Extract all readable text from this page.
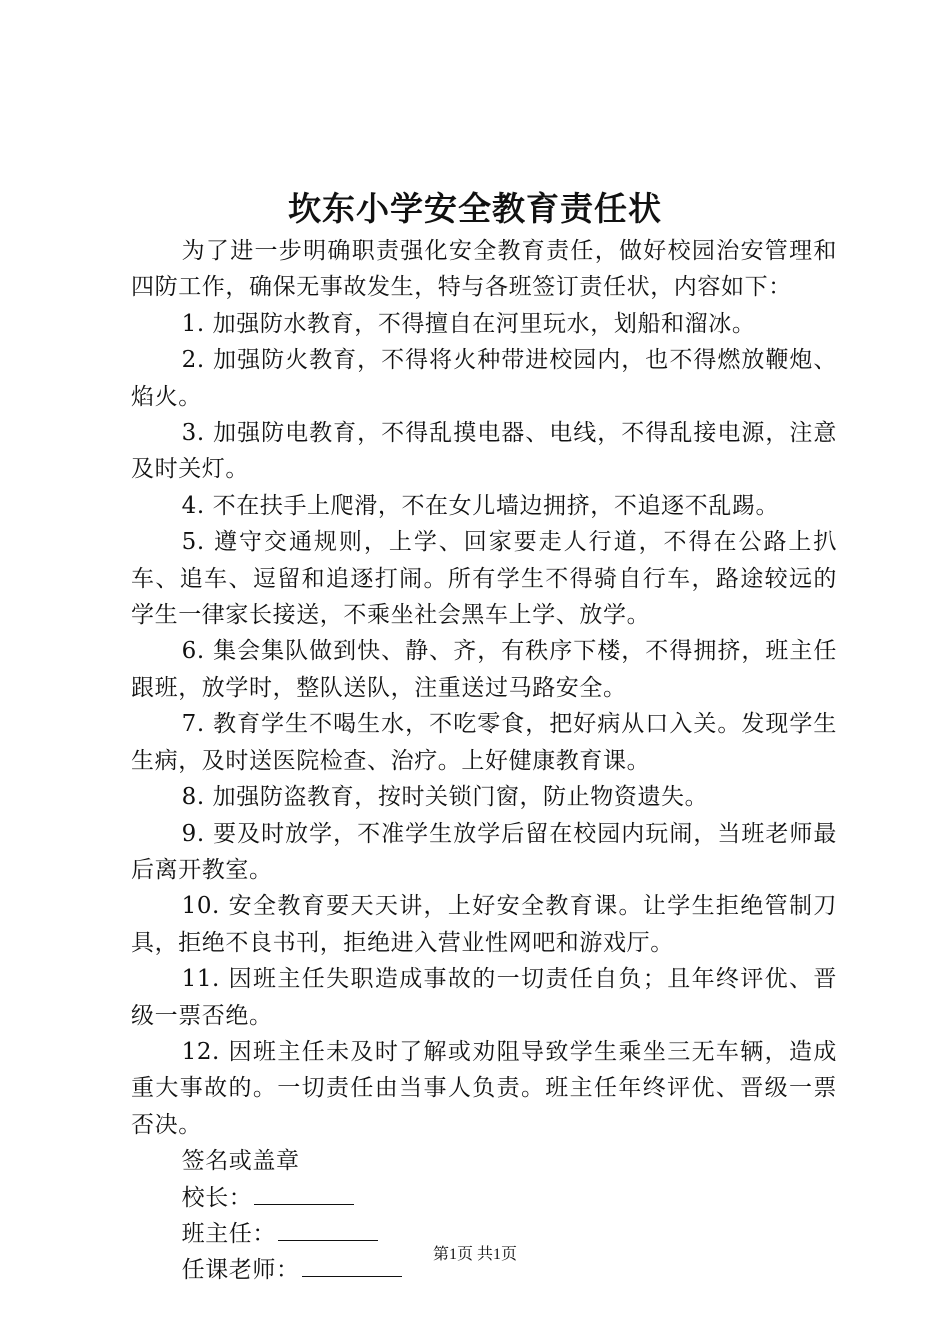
坎东小学安全教育责任状

为了进一步明确职责强化安全教育责任，做好校园治安管理和四防工作，确保无事故发生，特与各班签订责任状，内容如下：

1. 加强防水教育，不得擅自在河里玩水，划船和溜冰。

2. 加强防火教育，不得将火种带进校园内，也不得燃放鞭炮、焰火。

3. 加强防电教育，不得乱摸电器、电线，不得乱接电源，注意及时关灯。

4. 不在扶手上爬滑，不在女儿墙边拥挤，不追逐不乱踢。

5. 遵守交通规则，上学、回家要走人行道，不得在公路上扒车、追车、逗留和追逐打闹。所有学生不得骑自行车，路途较远的学生一律家长接送，不乘坐社会黑车上学、放学。

6. 集会集队做到快、静、齐，有秩序下楼，不得拥挤，班主任跟班，放学时，整队送队，注重送过马路安全。

7. 教育学生不喝生水，不吃零食，把好病从口入关。发现学生生病，及时送医院检查、治疗。上好健康教育课。

8. 加强防盗教育，按时关锁门窗，防止物资遗失。

9. 要及时放学，不准学生放学后留在校园内玩闹，当班老师最后离开教室。

10. 安全教育要天天讲，上好安全教育课。让学生拒绝管制刀具，拒绝不良书刊，拒绝进入营业性网吧和游戏厅。

11. 因班主任失职造成事故的一切责任自负；且年终评优、晋级一票否绝。

12. 因班主任未及时了解或劝阻导致学生乘坐三无车辆，造成重大事故的。一切责任由当事人负责。班主任年终评优、晋级一票否决。

签名或盖章

校长：

班主任：

任课老师：

第1页 共1页
